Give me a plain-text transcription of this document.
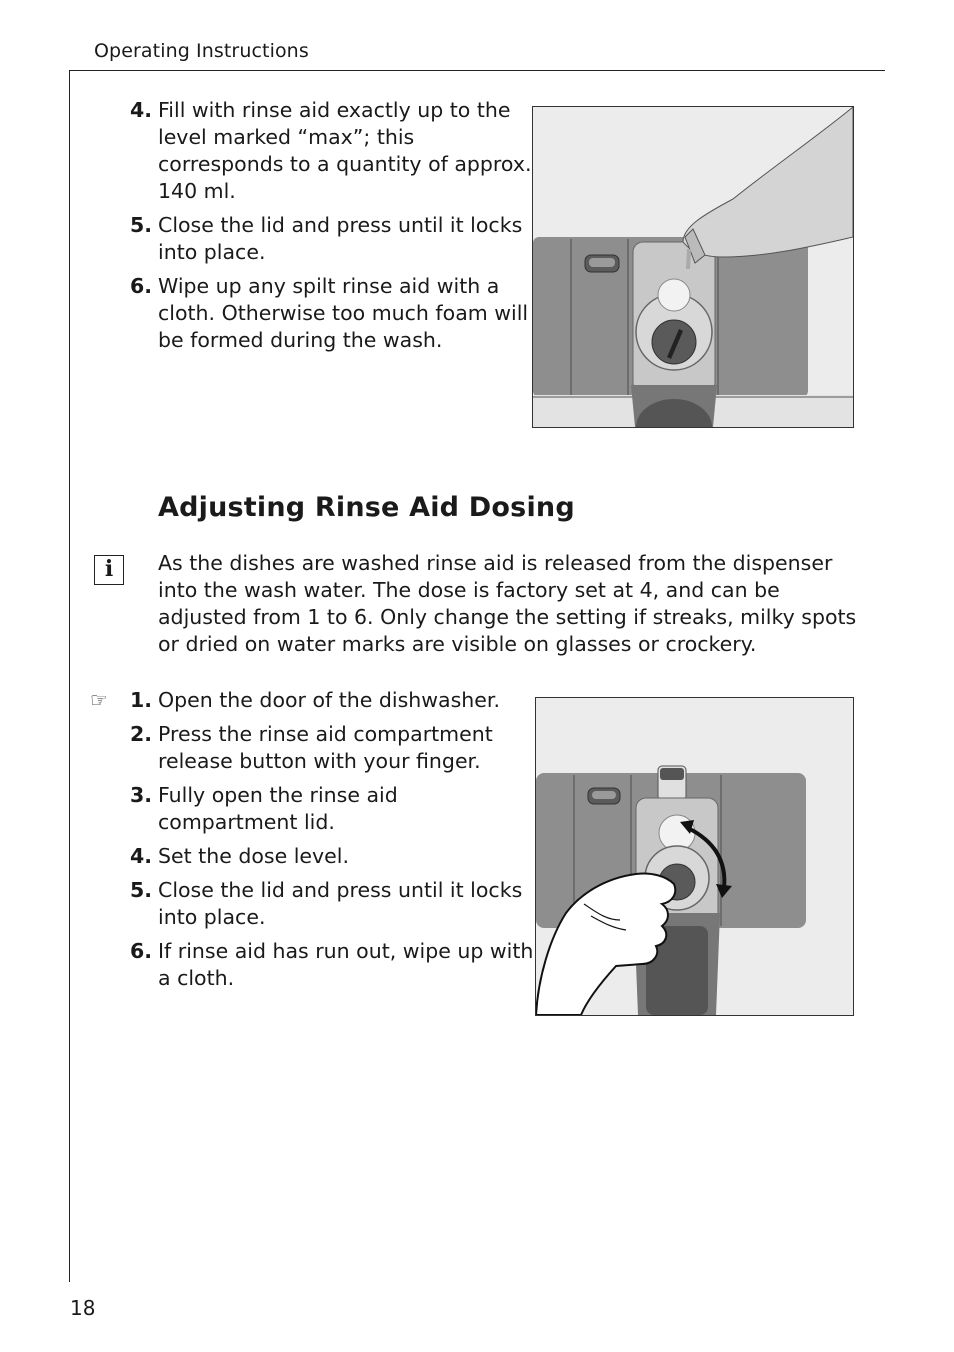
Operating Instructions
4. Fill with rinse aid exactly up to the level marked “max”; this corresponds to a quantity of approx. 140 ml.
5. Close the lid and press until it locks into place.
6. Wipe up any spilt rinse aid with a cloth. Otherwise too much foam will be formed during the wash.
Adjusting Rinse Aid Dosing
i	As the dishes are washed rinse aid is released from the dispenser into the wash water. The dose is factory set at 4, and can be adjusted from 1 to 6. Only change the setting if streaks, milky spots or dried on water marks are visible on glasses or crockery.

☞	1. Open the door of the dishwasher.
2. Press the rinse aid compartment release button with your finger.
3. Fully open the rinse aid compartment lid.
4. Set the dose level.
5. Close the lid and press until it locks into place.
6. If rinse aid has run out, wipe up with a cloth.
18
